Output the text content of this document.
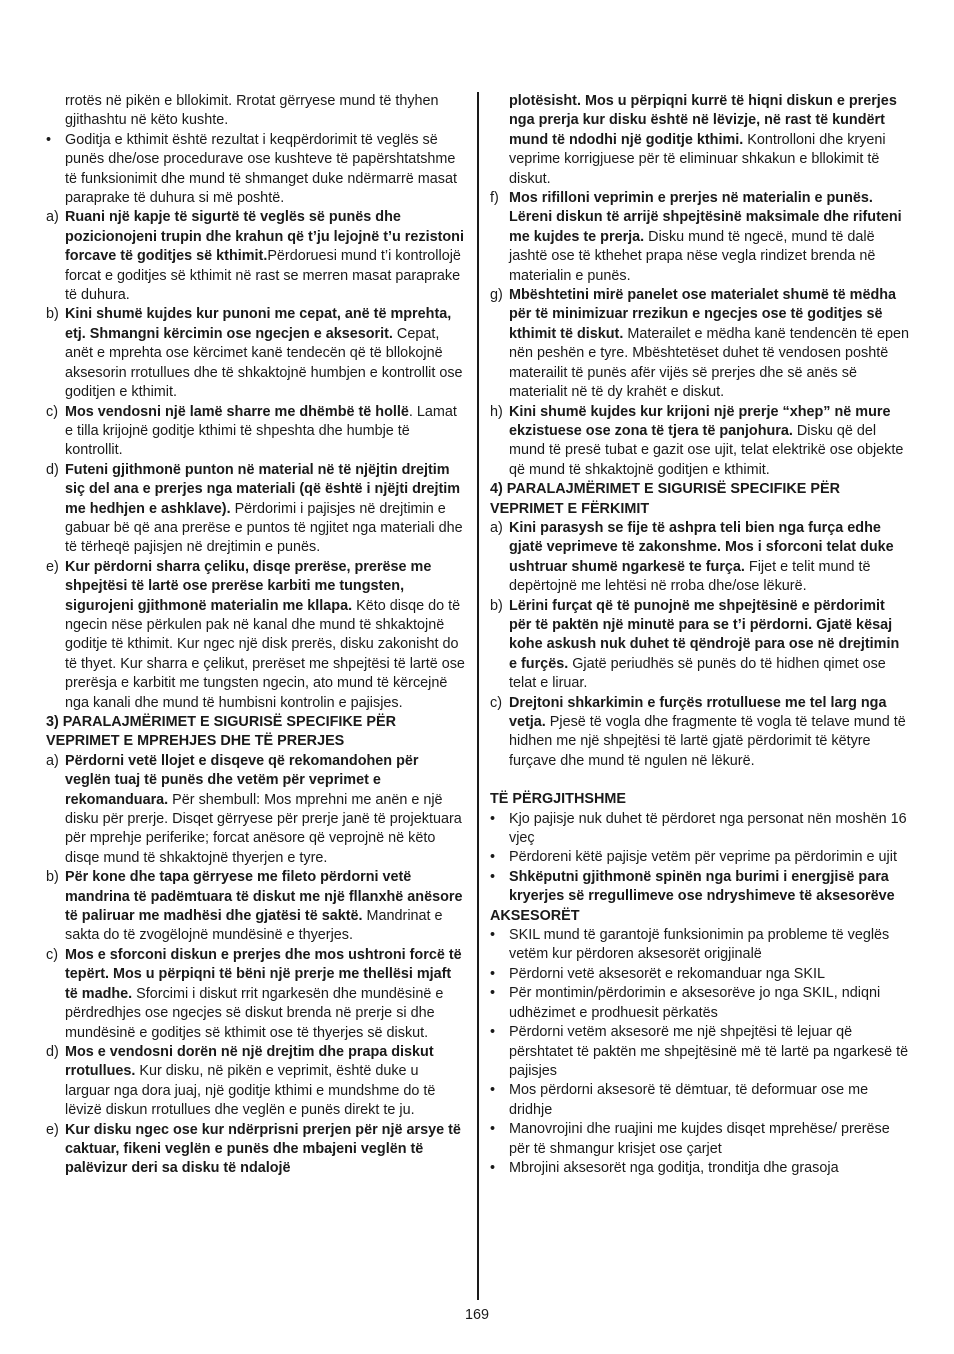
rrotës në pikën e bllokimit. Rrotat gërryese mund të thyhen gjithashtu në këto kushte.

• Goditja e kthimit është rezultat i keqpërdorimit të veglës së punës dhe/ose procedurave ose kushteve të papërshtatshme të funksionimit dhe mund të shmanget duke ndërmarrë masat paraprake të duhura si më poshtë.

a) Ruani një kapje të sigurtë të veglës së punës dhe pozicionojeni trupin dhe krahun që t’ju lejojnë t’u rezistoni forcave të goditjes së kthimit.Përdoruesi mund t’i kontrollojë forcat e goditjes së kthimit në rast se merren masat paraprake të duhura.

b) Kini shumë kujdes kur punoni me cepat, anë të mprehta, etj. Shmangni kërcimin ose ngecjen e aksesorit. Cepat, anët e mprehta ose kërcimet kanë tendecën që të bllokojnë aksesorin rrotullues dhe të shkaktojnë humbjen e kontrollit ose goditjen e kthimit.

c) Mos vendosni një lamë sharre me dhëmbë të hollë. Lamat e tilla krijojnë goditje kthimi të shpeshta dhe humbje të kontrollit.

d) Futeni gjithmonë punton në material në të njëjtin drejtim siç del ana e prerjes nga materiali (që është i njëjti drejtim me hedhjen e ashklave). Përdorimi i pajisjes në drejtimin e gabuar bë që ana prerëse e puntos të ngjitet nga materiali dhe të tërheqë pajisjen në drejtimin e punës.

e) Kur përdorni sharra çeliku, disqe prerëse, prerëse me shpejtësi të lartë ose prerëse karbiti me tungsten, sigurojeni gjithmonë materialin me kllapa. Këto disqe do të ngecin nëse përkulen pak në kanal dhe mund të shkaktojnë goditje të kthimit. Kur ngec një disk prerës, disku zakonisht do të thyet. Kur sharra e çelikut, prerëset me shpejtësi të lartë ose prerësja e karbitit me tungsten ngecin, ato mund të kërcejnë nga kanali dhe mund të humbisni kontrolin e pajisjes.

3) PARALAJMËRIMET E SIGURISË SPECIFIKE PËR VEPRIMET E MPREHJES DHE TË PRERJES

a) Përdorni vetë llojet e disqeve që rekomandohen për veglën tuaj të punës dhe vetëm për veprimet e rekomanduara. Për shembull: Mos mprehni me anën e një disku për prerje. Disqet gërryese për prerje janë të projektuara për mprehje periferike; forcat anësore që veprojnë në këto disqe mund të shkaktojnë thyerjen e tyre.

b) Për kone dhe tapa gërryese me fileto përdorni vetë mandrina të padëmtuara të diskut me një fllanxhë anësore të paliruar me madhësi dhe gjatësi të saktë. Mandrinat e sakta do të zvogëlojnë mundësinë e thyerjes.

c) Mos e sforconi diskun e prerjes dhe mos ushtroni forcë të tepërt. Mos u përpiqni të bëni një prerje me thellësi mjaft të madhe. Sforcimi i diskut rrit ngarkesën dhe mundësinë e përdredhjes ose ngecjes së diskut brenda në prerje si dhe mundësinë e goditjes së kthimit ose të thyerjes së diskut.

d) Mos e vendosni dorën në një drejtim dhe prapa diskut rrotullues. Kur disku, në pikën e veprimit, është duke u larguar nga dora juaj, një goditje kthimi e mundshme do të lëvizë diskun rrotullues dhe veglën e punës direkt te ju.

e) Kur disku ngec ose kur ndërprisni prerjen për një arsye të caktuar, fikeni veglën e punës dhe mbajeni veglën të palëvizur deri sa disku të ndalojë

plotësisht. Mos u përpiqni kurrë të hiqni diskun e prerjes nga prerja kur disku është në lëvizje, në rast të kundërt mund të ndodhi një goditje kthimi. Kontrolloni dhe kryeni veprime korrigjuese për të eliminuar shkakun e bllokimit të diskut.

f) Mos rifilloni veprimin e prerjes në materialin e punës. Lëreni diskun të arrijë shpejtësinë maksimale dhe rifuteni me kujdes te prerja. Disku mund të ngecë, mund të dalë jashtë ose të kthehet prapa nëse vegla rindizet brenda në materialin e punës.

g) Mbështetini mirë panelet ose materialet shumë të mëdha për të minimizuar rrezikun e ngecjes ose të goditjes së kthimit të diskut. Materailet e mëdha kanë tendencën të epen nën peshën e tyre. Mbështetëset duhet të vendosen poshtë materailit të punës afër vijës së prerjes dhe së anës së materialit në të dy krahët e diskut.

h) Kini shumë kujdes kur krijoni një prerje “xhep” në mure ekzistuese ose zona të tjera të panjohura. Disku që del mund të presë tubat e gazit ose ujit, telat elektrikë ose objekte që mund të shkaktojnë goditjen e kthimit.

4) PARALAJMËRIMET E SIGURISË SPECIFIKE PËR VEPRIMET E FËRKIMIT

a) Kini parasysh se fije të ashpra teli bien nga furça edhe gjatë veprimeve të zakonshme. Mos i sforconi telat duke ushtruar shumë ngarkesë te furça. Fijet e telit mund të depërtojnë me lehtësi në rroba dhe/ose lëkurë.

b) Lërini furçat që të punojnë me shpejtësinë e përdorimit për të paktën një minutë para se t’i përdorni. Gjatë kësaj kohe askush nuk duhet të qëndrojë para ose në drejtimin e furçës. Gjatë periudhës së punës do të hidhen qimet ose telat e liruar.

c) Drejtoni shkarkimin e furçës rrotulluese me tel larg nga vetja. Pjesë të vogla dhe fragmente të vogla të telave mund të hidhen me një shpejtësi të lartë gjatë përdorimit të këtyre furçave dhe mund të ngulen në lëkurë.

TË PËRGJITHSHME

• Kjo pajisje nuk duhet të përdoret nga personat nën moshën 16 vjeç

• Përdoreni këtë pajisje vetëm për veprime pa përdorimin e ujit

• Shkëputni gjithmonë spinën nga burimi i energjisë para kryerjes së rregullimeve ose ndryshimeve të aksesorëve

AKSESORËT

• SKIL mund të garantojë funksionimin pa probleme të veglës vetëm kur përdoren aksesorët origjinalë

• Përdorni vetë aksesorët e rekomanduar nga SKIL

• Për montimin/përdorimin e aksesorëve jo nga SKIL, ndiqni udhëzimet e prodhuesit përkatës

• Përdorni vetëm aksesorë me një shpejtësi të lejuar që përshtatet të paktën me shpejtësinë më të lartë pa ngarkesë të pajisjes

• Mos përdorni aksesorë të dëmtuar, të deformuar ose me dridhje

• Manovrojini dhe ruajini me kujdes disqet mprehëse/ prerëse për të shmangur krisjet ose çarjet

• Mbrojini aksesorët nga goditja, tronditja dhe grasoja

169
